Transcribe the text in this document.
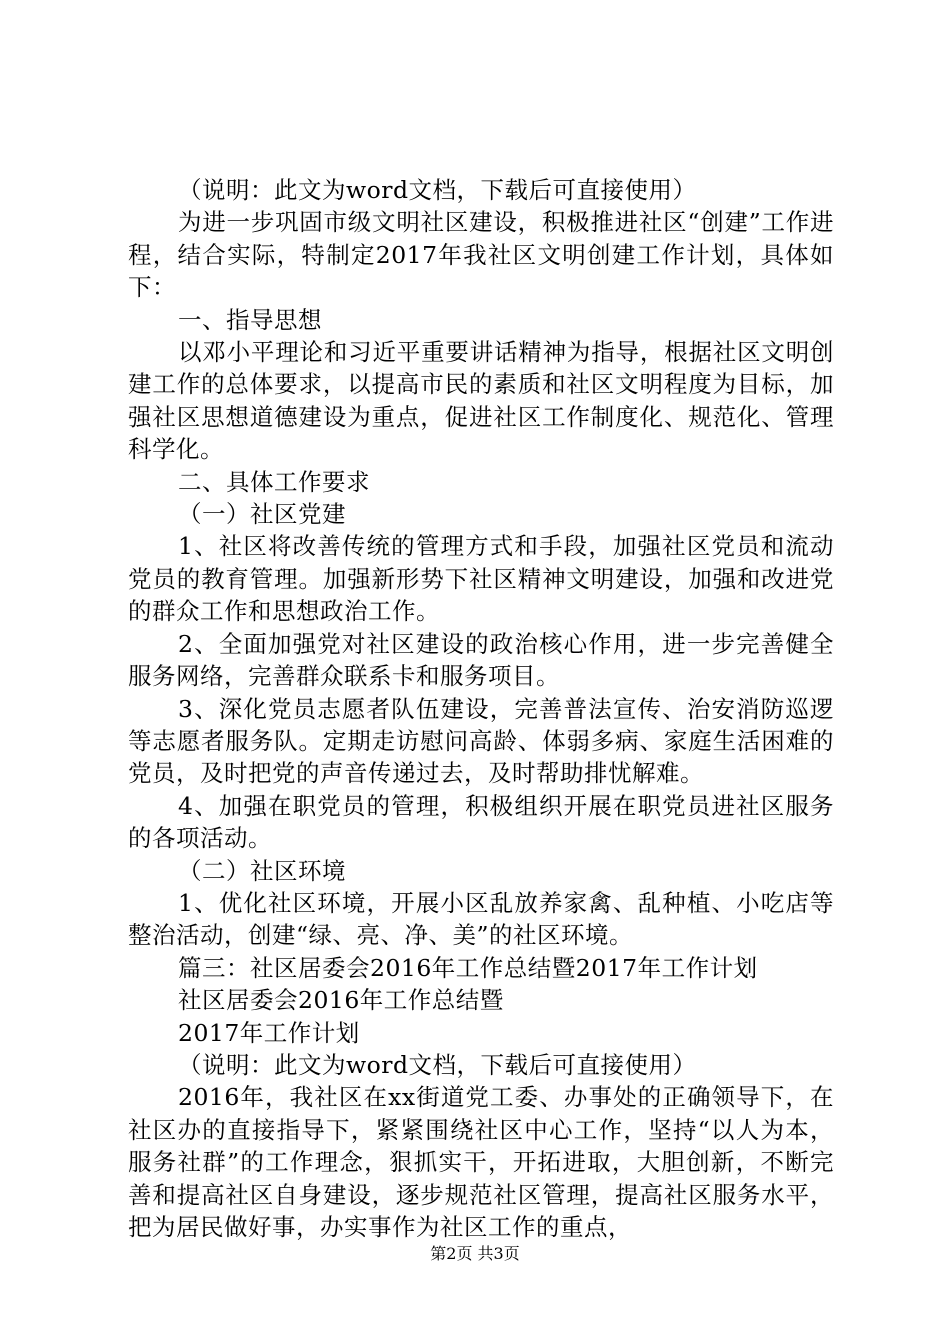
（说明：此文为word文档，下载后可直接使用）

为进一步巩固市级文明社区建设，积极推进社区“创建”工作进程，结合实际，特制定2017年我社区文明创建工作计划，具体如下：

一、指导思想

以邓小平理论和习近平重要讲话精神为指导，根据社区文明创建工作的总体要求，以提高市民的素质和社区文明程度为目标，加强社区思想道德建设为重点，促进社区工作制度化、规范化、管理科学化。

二、具体工作要求

（一）社区党建

1、社区将改善传统的管理方式和手段，加强社区党员和流动党员的教育管理。加强新形势下社区精神文明建设，加强和改进党的群众工作和思想政治工作。

2、全面加强党对社区建设的政治核心作用，进一步完善健全服务网络，完善群众联系卡和服务项目。

3、深化党员志愿者队伍建设，完善普法宣传、治安消防巡逻等志愿者服务队。定期走访慰问高龄、体弱多病、家庭生活困难的党员，及时把党的声音传递过去，及时帮助排忧解难。

4、加强在职党员的管理，积极组织开展在职党员进社区服务的各项活动。

（二）社区环境

1、优化社区环境，开展小区乱放养家禽、乱种植、小吃店等整治活动，创建“绿、亮、净、美”的社区环境。

篇三：社区居委会2016年工作总结暨2017年工作计划

社区居委会2016年工作总结暨

2017年工作计划

（说明：此文为word文档，下载后可直接使用）

2016年，我社区在xx街道党工委、办事处的正确领导下，在社区办的直接指导下，紧紧围绕社区中心工作，坚持“以人为本，服务社群”的工作理念，狠抓实干，开拓进取，大胆创新，不断完善和提高社区自身建设，逐步规范社区管理，提高社区服务水平，把为居民做好事，办实事作为社区工作的重点，

第2页 共3页
